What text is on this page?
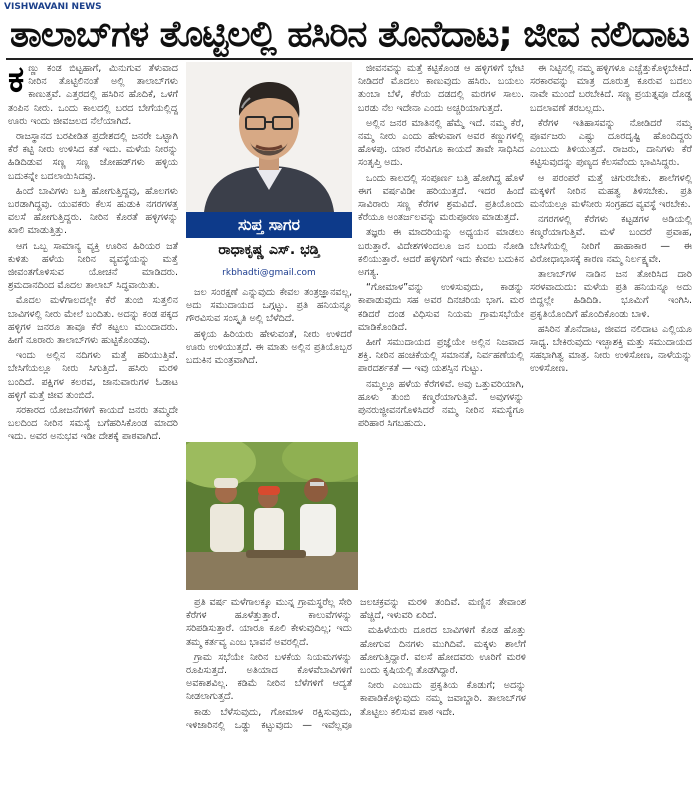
VISHWAVANI NEWS
ತಾಲಾಬ್‌ಗಳ ತೊಟ್ಟಿಲಲ್ಲಿ ಹಸಿರಿನ ತೊನೆದಾಟ; ಜೀವ ನಲಿದಾಟ
ಕ ಣ್ಣು ಕಂಡ ಬಿಟ್ಟಹಾಗೆ, ಮಿನುಗುವ ತೆಳುವಾದ ನೀರಿನ ತೊಟ್ಟಿಲಿನಂತೆ ಅಲ್ಲಿ ತಾಲಾಬ್‌ಗಳು ಕಾಣುತ್ತವೆ. ಎತ್ತರದಲ್ಲಿ ಹಸಿರಿನ ಹೊದಿಕೆ, ಒಳಗೆ ತಂಪಿನ ನೀರು. ಒಂದು ಕಾಲದಲ್ಲಿ ಬರದ ಬೇಗೆಯಲ್ಲಿದ್ದ ಊರು ಇಂದು ಜೀವಜಲದ ನೆಲೆಯಾಗಿದೆ.

ರಾಜಸ್ಥಾನದ ಬರಪೀಡಿತ ಪ್ರದೇಶದಲ್ಲಿ ಜನರೇ ಒಟ್ಟಾಗಿ ಕೆರೆ ಕಟ್ಟಿ ನೀರು ಉಳಿಸಿದ ಕತೆ ಇದು. ಮಳೆಯ ನೀರನ್ನು ಹಿಡಿದಿಡುವ ಸಣ್ಣ ಸಣ್ಣ ಜೋಹಡ್‌ಗಳು ಹಳ್ಳಿಯ ಬದುಕನ್ನೇ ಬದಲಾಯಿಸಿದವು.

ಹಿಂದೆ ಬಾವಿಗಳು ಬತ್ತಿ ಹೋಗುತ್ತಿದ್ದವು, ಹೊಲಗಳು ಬರಡಾಗಿದ್ದವು. ಯುವಕರು ಕೆಲಸ ಹುಡುಕಿ ನಗರಗಳತ್ತ ವಲಸೆ ಹೋಗುತ್ತಿದ್ದರು. ನೀರಿನ ಕೊರತೆ ಹಳ್ಳಿಗಳನ್ನು ಖಾಲಿ ಮಾಡುತ್ತಿತ್ತು.

ಆಗ ಒಬ್ಬ ಸಾಮಾನ್ಯ ವ್ಯಕ್ತಿ ಊರಿನ ಹಿರಿಯರ ಜತೆ ಕುಳಿತು ಹಳೆಯ ನೀರಿನ ವ್ಯವಸ್ಥೆಯನ್ನು ಮತ್ತೆ ಜೀವಂತಗೊಳಿಸುವ ಯೋಚನೆ ಮಾಡಿದರು. ಶ್ರಮದಾನದಿಂದ ಮೊದಲ ತಾಲಾಬ್ ಸಿದ್ಧವಾಯಿತು.

ಮೊದಲ ಮಳೆಗಾಲದಲ್ಲೇ ಕೆರೆ ತುಂಬಿ ಸುತ್ತಲಿನ ಬಾವಿಗಳಲ್ಲಿ ನೀರು ಮೇಲೆ ಬಂದಿತು. ಅದನ್ನು ಕಂಡ ಪಕ್ಕದ ಹಳ್ಳಿಗಳ ಜನರೂ ತಾವೂ ಕೆರೆ ಕಟ್ಟಲು ಮುಂದಾದರು. ಹೀಗೆ ನೂರಾರು ತಾಲಾಬ್‌ಗಳು ಹುಟ್ಟಿಕೊಂಡವು.

ಇಂದು ಅಲ್ಲಿನ ನದಿಗಳು ಮತ್ತೆ ಹರಿಯುತ್ತಿವೆ. ಬೇಸಿಗೆಯಲ್ಲೂ ನೀರು ಸಿಗುತ್ತಿದೆ. ಹಸಿರು ಮರಳಿ ಬಂದಿದೆ. ಪಕ್ಷಿಗಳ ಕಲರವ, ಜಾನುವಾರುಗಳ ಓಡಾಟ ಹಳ್ಳಿಗೆ ಮತ್ತೆ ಜೀವ ತುಂಬಿದೆ.

ಸರಕಾರದ ಯೋಜನೆಗಳಿಗೆ ಕಾಯದೆ ಜನರು ತಮ್ಮದೇ ಬಲದಿಂದ ನೀರಿನ ಸಮಸ್ಯೆ ಬಗೆಹರಿಸಿಕೊಂಡ ಮಾದರಿ ಇದು. ಅವರ ಅನುಭವ ಇಡೀ ದೇಶಕ್ಕೆ ಪಾಠವಾಗಿದೆ.

ಸುಪ್ತ ಸಾಗರ
ರಾಧಾಕೃಷ್ಣ ಎಸ್. ಭಡ್ತಿ
rkbhadti@gmail.com

ಜಲ ಸಂರಕ್ಷಣೆ ಎನ್ನುವುದು ಕೇವಲ ತಂತ್ರಜ್ಞಾನವಲ್ಲ, ಅದು ಸಮುದಾಯದ ಒಗ್ಗಟ್ಟು. ಪ್ರತಿ ಹನಿಯನ್ನೂ ಗೌರವಿಸುವ ಸಂಸ್ಕೃತಿ ಅಲ್ಲಿ ಬೆಳೆದಿದೆ.

ಹಳ್ಳಿಯ ಹಿರಿಯರು ಹೇಳುವಂತೆ, ನೀರು ಉಳಿದರೆ ಊರು ಉಳಿಯುತ್ತದೆ. ಈ ಮಾತು ಅಲ್ಲಿನ ಪ್ರತಿಯೊಬ್ಬರ ಬದುಕಿನ ಮಂತ್ರವಾಗಿದೆ.

ಪ್ರತಿ ವರ್ಷ ಮಳೆಗಾಲಕ್ಕೂ ಮುನ್ನ ಗ್ರಾಮಸ್ಥರೆಲ್ಲ ಸೇರಿ ಕೆರೆಗಳ ಹೂಳೆತ್ತುತ್ತಾರೆ. ಕಾಲುವೆಗಳನ್ನು ಸರಿಪಡಿಸುತ್ತಾರೆ. ಯಾರೂ ಕೂಲಿ ಕೇಳುವುದಿಲ್ಲ; ಇದು ತಮ್ಮ ಕರ್ತವ್ಯ ಎಂಬ ಭಾವನೆ ಅವರಲ್ಲಿದೆ.

ಗ್ರಾಮ ಸಭೆಯೇ ನೀರಿನ ಬಳಕೆಯ ನಿಯಮಗಳನ್ನು ರೂಪಿಸುತ್ತದೆ. ಅತಿಯಾದ ಕೊಳವೆಬಾವಿಗಳಿಗೆ ಅವಕಾಶವಿಲ್ಲ. ಕಡಿಮೆ ನೀರಿನ ಬೆಳೆಗಳಿಗೆ ಆದ್ಯತೆ ನೀಡಲಾಗುತ್ತದೆ.

ಕಾಡು ಬೆಳೆಸುವುದು, ಗೋಮಾಳ ರಕ್ಷಿಸುವುದು, ಇಳಿಜಾರಿನಲ್ಲಿ ಒಡ್ಡು ಕಟ್ಟುವುದು — ಇವೆಲ್ಲವೂ ಜಲಚಕ್ರವನ್ನು ಮರಳಿ ತಂದಿವೆ. ಮಣ್ಣಿನ ತೇವಾಂಶ ಹೆಚ್ಚಿದೆ, ಇಳುವರಿ ಏರಿದೆ.

ಮಹಿಳೆಯರು ದೂರದ ಬಾವಿಗಳಿಗೆ ಕೊಡ ಹೊತ್ತು ಹೋಗುವ ದಿನಗಳು ಮುಗಿದಿವೆ. ಮಕ್ಕಳು ಶಾಲೆಗೆ ಹೋಗುತ್ತಿದ್ದಾರೆ. ವಲಸೆ ಹೋದವರು ಊರಿಗೆ ಮರಳಿ ಬಂದು ಕೃಷಿಯಲ್ಲಿ ತೊಡಗಿದ್ದಾರೆ.

ನೀರು ಎಂಬುದು ಪ್ರಕೃತಿಯ ಕೊಡುಗೆ; ಅದನ್ನು ಕಾಪಾಡಿಕೊಳ್ಳುವುದು ನಮ್ಮ ಜವಾಬ್ದಾರಿ. ತಾಲಾಬ್‌ಗಳ ತೊಟ್ಟಿಲು ಕಲಿಸುವ ಪಾಠ ಇದೇ.

ಜೀವನವನ್ನು ಮತ್ತೆ ಕಟ್ಟಿಕೊಂಡ ಆ ಹಳ್ಳಿಗಳಿಗೆ ಭೇಟಿ ನೀಡಿದರೆ ಮೊದಲು ಕಾಣುವುದು ಹಸಿರು. ಬಯಲು ತುಂಬಾ ಬೆಳೆ, ಕೆರೆಯ ದಡದಲ್ಲಿ ಮರಗಳ ಸಾಲು. ಬರಡು ನೆಲ ಇದೇನಾ ಎಂದು ಅಚ್ಚರಿಯಾಗುತ್ತದೆ.

ಅಲ್ಲಿನ ಜನರ ಮಾತಿನಲ್ಲಿ ಹೆಮ್ಮೆ ಇದೆ. ನಮ್ಮ ಕೆರೆ, ನಮ್ಮ ನೀರು ಎಂದು ಹೇಳುವಾಗ ಅವರ ಕಣ್ಣುಗಳಲ್ಲಿ ಹೊಳಪು. ಯಾರ ನೆರವಿಗೂ ಕಾಯದೆ ತಾವೇ ಸಾಧಿಸಿದ ಸಂತೃಪ್ತಿ ಅದು.

ಒಂದು ಕಾಲದಲ್ಲಿ ಸಂಪೂರ್ಣ ಬತ್ತಿ ಹೋಗಿದ್ದ ಹೊಳೆ ಈಗ ವರ್ಷವಿಡೀ ಹರಿಯುತ್ತದೆ. ಇದರ ಹಿಂದೆ ಸಾವಿರಾರು ಸಣ್ಣ ಕೆರೆಗಳ ಶ್ರಮವಿದೆ. ಪ್ರತಿಯೊಂದು ಕೆರೆಯೂ ಅಂತರ್ಜಲವನ್ನು ಮರುಪೂರಣ ಮಾಡುತ್ತದೆ.

ತಜ್ಞರು ಈ ಮಾದರಿಯನ್ನು ಅಧ್ಯಯನ ಮಾಡಲು ಬರುತ್ತಾರೆ. ವಿದೇಶಗಳಿಂದಲೂ ಜನ ಬಂದು ನೋಡಿ ಕಲಿಯುತ್ತಾರೆ. ಆದರೆ ಹಳ್ಳಿಗರಿಗೆ ಇದು ಕೇವಲ ಬದುಕಿನ ಅಗತ್ಯ.

“ಗೋಮಾಳ”ವನ್ನು ಉಳಿಸುವುದು, ಕಾಡನ್ನು ಕಾಪಾಡುವುದು ಸಹ ಅವರ ದಿನಚರಿಯ ಭಾಗ. ಮರ ಕಡಿದರೆ ದಂಡ ವಿಧಿಸುವ ನಿಯಮ ಗ್ರಾಮಸಭೆಯೇ ಮಾಡಿಕೊಂಡಿದೆ.

ಹೀಗೆ ಸಮುದಾಯದ ಪ್ರಜ್ಞೆಯೇ ಅಲ್ಲಿನ ನಿಜವಾದ ಶಕ್ತಿ. ನೀರಿನ ಹಂಚಿಕೆಯಲ್ಲಿ ಸಮಾನತೆ, ನಿರ್ವಹಣೆಯಲ್ಲಿ ಪಾರದರ್ಶಕತೆ — ಇವು ಯಶಸ್ಸಿನ ಗುಟ್ಟು.

ನಮ್ಮಲ್ಲೂ ಹಳೆಯ ಕೆರೆಗಳಿವೆ. ಅವು ಒತ್ತುವರಿಯಾಗಿ, ಹೂಳು ತುಂಬಿ ಕಣ್ಮರೆಯಾಗುತ್ತಿವೆ. ಅವುಗಳನ್ನು ಪುನರುಜ್ಜೀವನಗೊಳಿಸಿದರೆ ನಮ್ಮ ನೀರಿನ ಸಮಸ್ಯೆಗೂ ಪರಿಹಾರ ಸಿಗಬಹುದು.

ಈ ನಿಟ್ಟಿನಲ್ಲಿ ನಮ್ಮ ಹಳ್ಳಿಗಳೂ ಎಚ್ಚೆತ್ತುಕೊಳ್ಳಬೇಕಿದೆ. ಸರಕಾರವನ್ನು ಮಾತ್ರ ದೂರುತ್ತ ಕೂರುವ ಬದಲು ನಾವೇ ಮುಂದೆ ಬರಬೇಕಿದೆ. ಸಣ್ಣ ಪ್ರಯತ್ನವೂ ದೊಡ್ಡ ಬದಲಾವಣೆ ತರಬಲ್ಲದು.

ಕೆರೆಗಳ ಇತಿಹಾಸವನ್ನು ನೋಡಿದರೆ ನಮ್ಮ ಪೂರ್ವಜರು ಎಷ್ಟು ದೂರದೃಷ್ಟಿ ಹೊಂದಿದ್ದರು ಎಂಬುದು ತಿಳಿಯುತ್ತದೆ. ರಾಜರು, ದಾನಿಗಳು ಕೆರೆ ಕಟ್ಟಿಸುವುದನ್ನು ಪುಣ್ಯದ ಕೆಲಸವೆಂದು ಭಾವಿಸಿದ್ದರು.

ಆ ಪರಂಪರೆ ಮತ್ತೆ ಚಿಗುರಬೇಕು. ಶಾಲೆಗಳಲ್ಲಿ ಮಕ್ಕಳಿಗೆ ನೀರಿನ ಮಹತ್ವ ತಿಳಿಸಬೇಕು. ಪ್ರತಿ ಮನೆಯಲ್ಲೂ ಮಳೆನೀರು ಸಂಗ್ರಹದ ವ್ಯವಸ್ಥೆ ಇರಬೇಕು.

ನಗರಗಳಲ್ಲಿ ಕೆರೆಗಳು ಕಟ್ಟಡಗಳ ಅಡಿಯಲ್ಲಿ ಕಣ್ಮರೆಯಾಗುತ್ತಿವೆ. ಮಳೆ ಬಂದರೆ ಪ್ರವಾಹ, ಬೇಸಿಗೆಯಲ್ಲಿ ನೀರಿಗೆ ಹಾಹಾಕಾರ — ಈ ವಿರೋಧಾಭಾಸಕ್ಕೆ ಕಾರಣ ನಮ್ಮ ನಿರ್ಲಕ್ಷ್ಯವೇ.

ತಾಲಾಬ್‌ಗಳ ನಾಡಿನ ಜನ ತೋರಿಸಿದ ದಾರಿ ಸರಳವಾದುದು: ಮಳೆಯ ಪ್ರತಿ ಹನಿಯನ್ನೂ ಅದು ಬಿದ್ದಲ್ಲೇ ಹಿಡಿದಿಡಿ. ಭೂಮಿಗೆ ಇಂಗಿಸಿ. ಪ್ರಕೃತಿಯೊಂದಿಗೆ ಹೊಂದಿಕೊಂಡು ಬಾಳಿ.

ಹಸಿರಿನ ತೊನೆದಾಟ, ಜೀವದ ನಲಿದಾಟ ಎಲ್ಲಿಯೂ ಸಾಧ್ಯ. ಬೇಕಿರುವುದು ಇಚ್ಛಾಶಕ್ತಿ ಮತ್ತು ಸಮುದಾಯದ ಸಹಭಾಗಿತ್ವ ಮಾತ್ರ. ನೀರು ಉಳಿಸೋಣ, ನಾಳೆಯನ್ನು ಉಳಿಸೋಣ.
